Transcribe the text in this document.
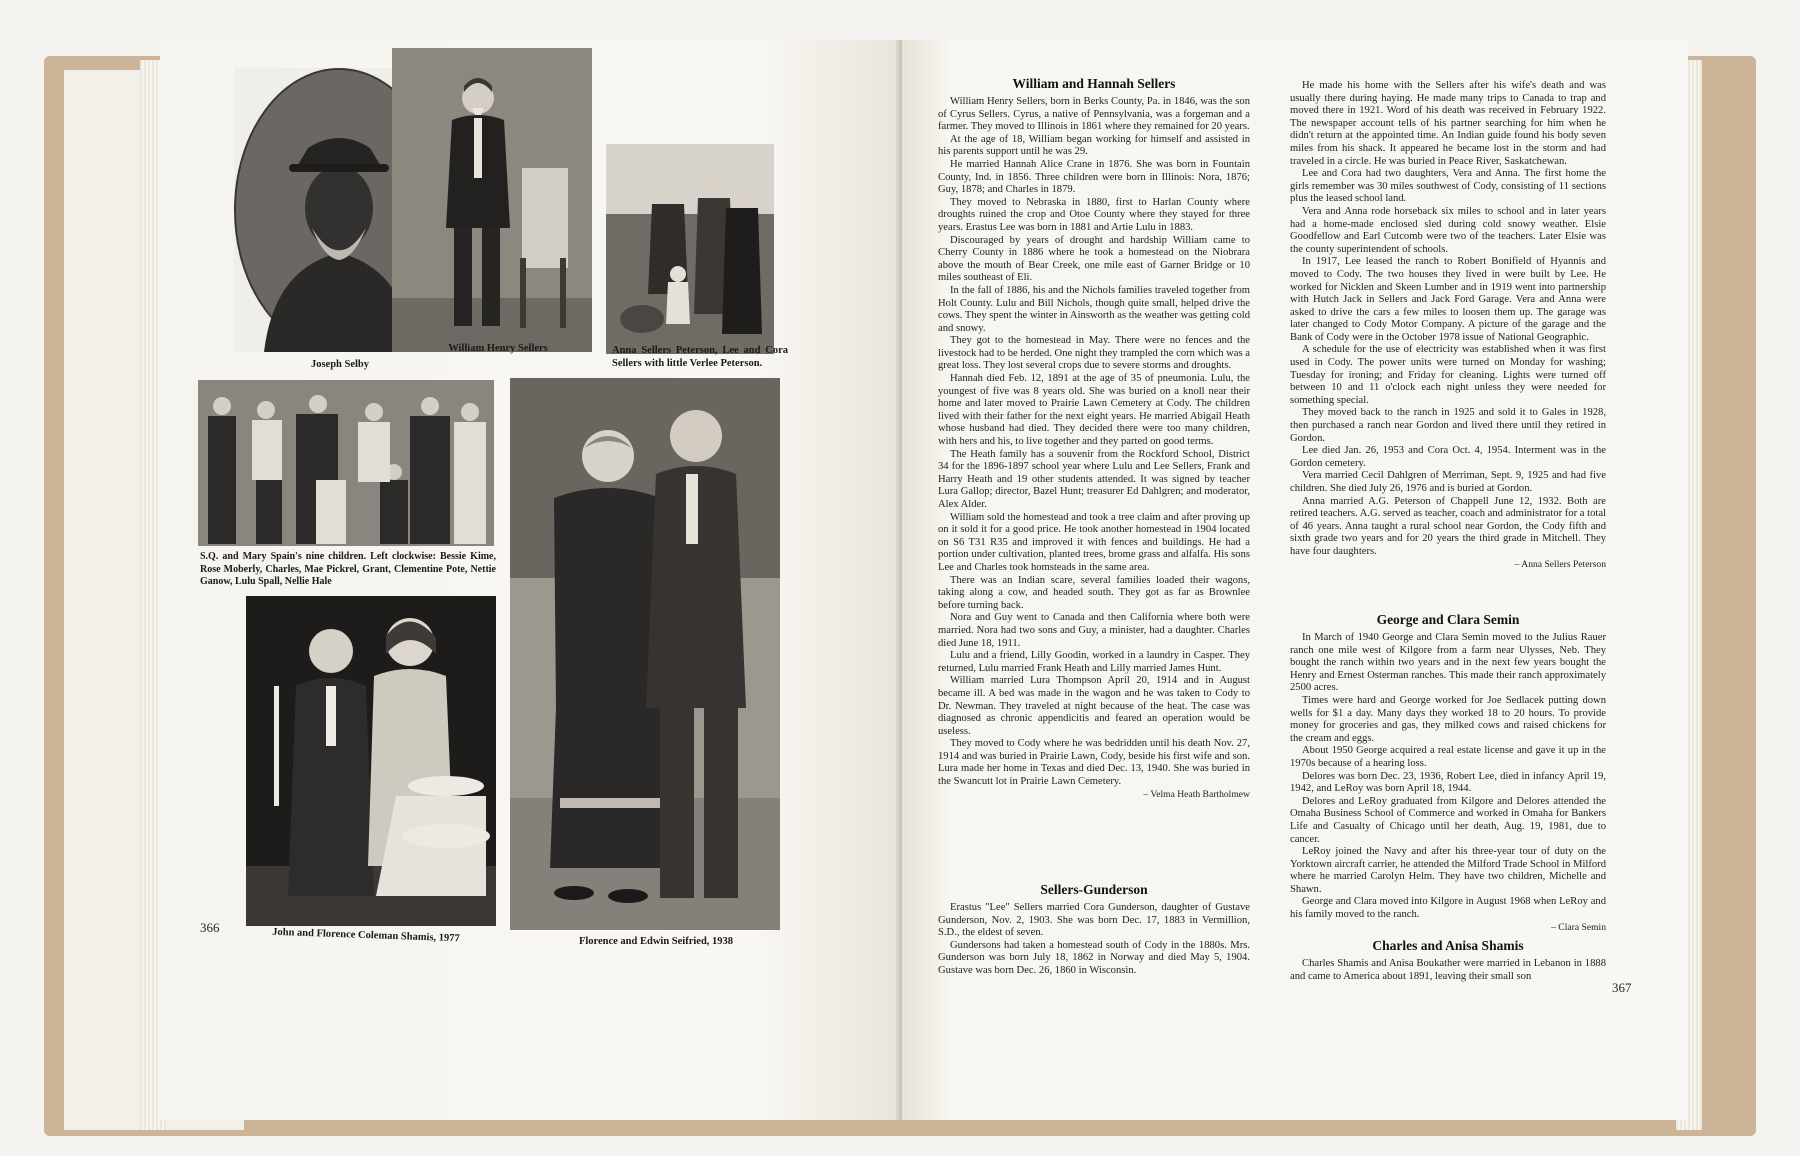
Joseph Selby
William Henry Sellers	Anna Sellers Peterson, Lee and Cora Sellers with little Verlee Peterson.
S.Q. and Mary Spain's nine children. Left clockwise: Bessie Kime, Rose Moberly, Charles, Mae Pickrel, Grant, Clementine Pote, Nettie Ganow, Lulu Spall, Nellie Hale
John and Florence Coleman Shamis, 1977	Florence and Edwin Seifried, 1938
366
William and Hannah Sellers

William Henry Sellers, born in Berks County, Pa. in 1846, was the son of Cyrus Sellers. Cyrus, a native of Pennsylvania, was a forgeman and a farmer. They moved to Illinois in 1861 where they remained for 20 years.

At the age of 18, William began working for himself and assisted in his parents support until he was 29.

He married Hannah Alice Crane in 1876. She was born in Fountain County, Ind. in 1856. Three children were born in Illinois: Nora, 1876; Guy, 1878; and Charles in 1879.

They moved to Nebraska in 1880, first to Harlan County where droughts ruined the crop and Otoe County where they stayed for three years. Erastus Lee was born in 1881 and Artie Lulu in 1883.

Discouraged by years of drought and hardship William came to Cherry County in 1886 where he took a homestead on the Niobrara above the mouth of Bear Creek, one mile east of Garner Bridge or 10 miles southeast of Eli.

In the fall of 1886, his and the Nichols families traveled together from Holt County. Lulu and Bill Nichols, though quite small, helped drive the cows. They spent the winter in Ainsworth as the weather was getting cold and snowy.

They got to the homestead in May. There were no fences and the livestock had to be herded. One night they trampled the corn which was a great loss. They lost several crops due to severe storms and droughts.

Hannah died Feb. 12, 1891 at the age of 35 of pneumonia. Lulu, the youngest of five was 8 years old. She was buried on a knoll near their home and later moved to Prairie Lawn Cemetery at Cody. The children lived with their father for the next eight years. He married Abigail Heath whose husband had died. They decided there were too many children, with hers and his, to live together and they parted on good terms.

The Heath family has a souvenir from the Rockford School, District 34 for the 1896-1897 school year where Lulu and Lee Sellers, Frank and Harry Heath and 19 other students attended. It was signed by teacher Lura Gallop; director, Bazel Hunt; treasurer Ed Dahlgren; and moderator, Alex Alder.

William sold the homestead and took a tree claim and after proving up on it sold it for a good price. He took another homestead in 1904 located on S6 T31 R35 and improved it with fences and buildings. He had a portion under cultivation, planted trees, brome grass and alfalfa. His sons Lee and Charles took homsteads in the same area.

There was an Indian scare, several families loaded their wagons, taking along a cow, and headed south. They got as far as Brownlee before turning back.

Nora and Guy went to Canada and then California where both were married. Nora had two sons and Guy, a minister, had a daughter. Charles died June 18, 1911.

Lulu and a friend, Lilly Goodin, worked in a laundry in Casper. They returned, Lulu married Frank Heath and Lilly married James Hunt.

William married Lura Thompson April 20, 1914 and in August became ill. A bed was made in the wagon and he was taken to Cody to Dr. Newman. They traveled at night because of the heat. The case was diagnosed as chronic appendicitis and feared an operation would be useless.

They moved to Cody where he was bedridden until his death Nov. 27, 1914 and was buried in Prairie Lawn, Cody, beside his first wife and son. Lura made her home in Texas and died Dec. 13, 1940. She was buried in the Swancutt lot in Prairie Lawn Cemetery.

– Velma Heath Bartholmew

Sellers-Gunderson

Erastus "Lee" Sellers married Cora Gunderson, daughter of Gustave Gunderson, Nov. 2, 1903. She was born Dec. 17, 1883 in Vermillion, S.D., the eldest of seven.

Gundersons had taken a homestead south of Cody in the 1880s. Mrs. Gunderson was born July 18, 1862 in Norway and died May 5, 1904. Gustave was born Dec. 26, 1860 in Wisconsin.

He made his home with the Sellers after his wife's death and was usually there during haying. He made many trips to Canada to trap and moved there in 1921. Word of his death was received in February 1922. The newspaper account tells of his partner searching for him when he didn't return at the appointed time. An Indian guide found his body seven miles from his shack. It appeared he became lost in the storm and had traveled in a circle. He was buried in Peace River, Saskatchewan.

Lee and Cora had two daughters, Vera and Anna. The first home the girls remember was 30 miles southwest of Cody, consisting of 11 sections plus the leased school land.

Vera and Anna rode horseback six miles to school and in later years had a home-made enclosed sled during cold snowy weather. Elsie Goodfellow and Earl Cutcomb were two of the teachers. Later Elsie was the county superintendent of schools.

In 1917, Lee leased the ranch to Robert Bonifield of Hyannis and moved to Cody. The two houses they lived in were built by Lee. He worked for Nicklen and Skeen Lumber and in 1919 went into partnership with Hutch Jack in Sellers and Jack Ford Garage. Vera and Anna were asked to drive the cars a few miles to loosen them up. The garage was later changed to Cody Motor Company. A picture of the garage and the Bank of Cody were in the October 1978 issue of National Geographic.

A schedule for the use of electricity was established when it was first used in Cody. The power units were turned on Monday for washing; Tuesday for ironing; and Friday for cleaning. Lights were turned off between 10 and 11 o'clock each night unless they were needed for something special.

They moved back to the ranch in 1925 and sold it to Gales in 1928, then purchased a ranch near Gordon and lived there until they retired in Gordon.

Lee died Jan. 26, 1953 and Cora Oct. 4, 1954. Interment was in the Gordon cemetery.

Vera married Cecil Dahlgren of Merriman, Sept. 9, 1925 and had five children. She died July 26, 1976 and is buried at Gordon.

Anna married A.G. Peterson of Chappell June 12, 1932. Both are retired teachers. A.G. served as teacher, coach and administrator for a total of 46 years. Anna taught a rural school near Gordon, the Cody fifth and sixth grade two years and for 20 years the third grade in Mitchell. They have four daughters.

– Anna Sellers Peterson

George and Clara Semin

In March of 1940 George and Clara Semin moved to the Julius Rauer ranch one mile west of Kilgore from a farm near Ulysses, Neb. They bought the ranch within two years and in the next few years bought the Henry and Ernest Osterman ranches. This made their ranch approximately 2500 acres.

Times were hard and George worked for Joe Sedlacek putting down wells for $1 a day. Many days they worked 18 to 20 hours. To provide money for groceries and gas, they milked cows and raised chickens for the cream and eggs.

About 1950 George acquired a real estate license and gave it up in the 1970s because of a hearing loss.

Delores was born Dec. 23, 1936, Robert Lee, died in infancy April 19, 1942, and LeRoy was born April 18, 1944.

Delores and LeRoy graduated from Kilgore and Delores attended the Omaha Business School of Commerce and worked in Omaha for Bankers Life and Casualty of Chicago until her death, Aug. 19, 1981, due to cancer.

LeRoy joined the Navy and after his three-year tour of duty on the Yorktown aircraft carrier, he attended the Milford Trade School in Milford where he married Carolyn Helm. They have two children, Michelle and Shawn.

George and Clara moved into Kilgore in August 1968 when LeRoy and his family moved to the ranch.

– Clara Semin

Charles and Anisa Shamis

Charles Shamis and Anisa Boukather were married in Lebanon in 1888 and came to America about 1891, leaving their small son

367
